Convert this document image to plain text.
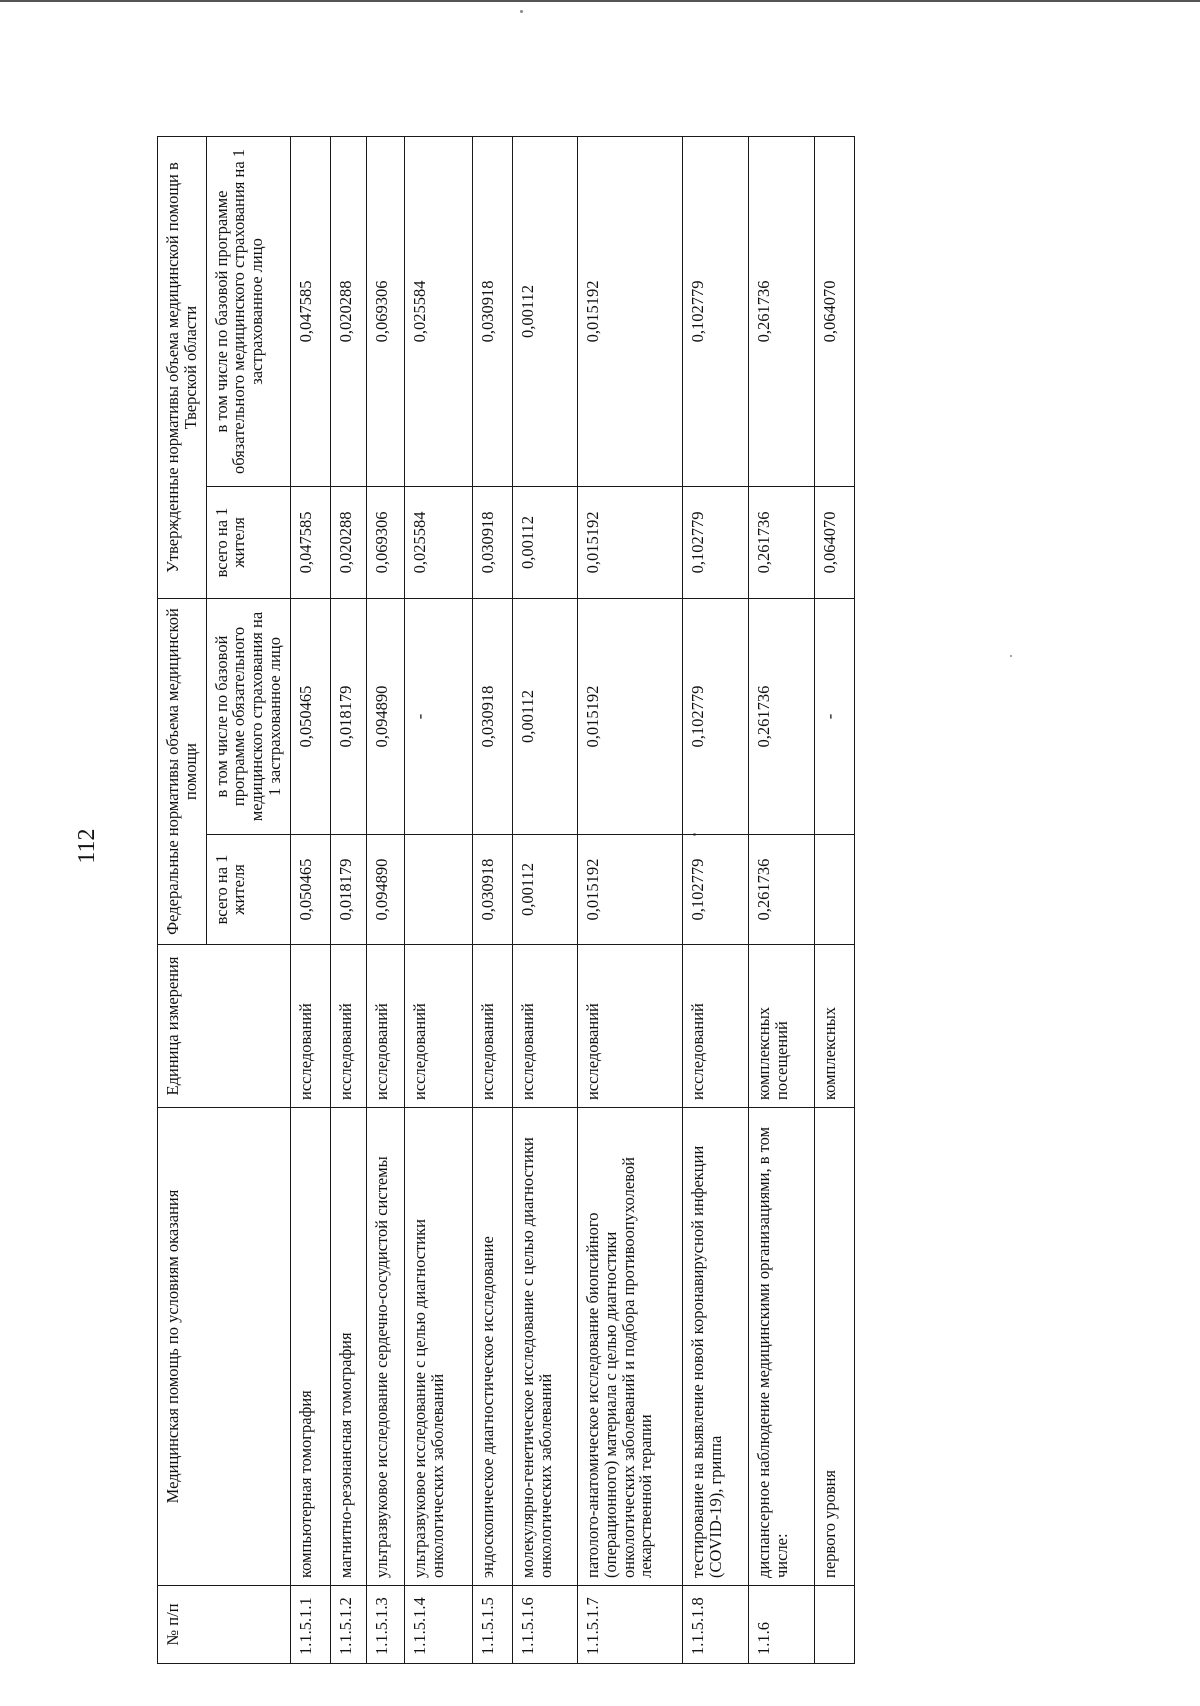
112
№ п/п	Медицинская помощь по условиям оказания	Единица измерения	Федеральные нормативы объема медицинской помощи		Утвержденные нормативы объема медицинской помощи в Тверской области	
			всего на 1 жителя	в том числе по базовой программе обязательного медицинского страхования на 1 застрахованное лицо	всего на 1 жителя	в том числе по базовой программе обязательного медицинского страхования на 1 застрахованное лицо
1.1.5.1.1	компьютерная томография	исследований	0,050465	0,050465	0,047585	0,047585
1.1.5.1.2	магнитно-резонансная томография	исследований	0,018179	0,018179	0,020288	0,020288
1.1.5.1.3	ультразвуковое исследование сердечно-сосудистой системы	исследований	0,094890	0,094890	0,069306	0,069306
1.1.5.1.4	ультразвуковое исследование с целью диагностики онкологических заболеваний	исследований		-	0,025584	0,025584
1.1.5.1.5	эндоскопическое диагностическое исследование	исследований	0,030918	0,030918	0,030918	0,030918
1.1.5.1.6	молекулярно-генетическое исследование с целью диагностики онкологических заболеваний	исследований	0,00112	0,00112	0,00112	0,00112
1.1.5.1.7	патолого-анатомическое исследование биопсийного (операционного) материала с целью диагностики онкологических заболеваний и подбора противоопухолевой лекарственной терапии	исследований	0,015192	0,015192	0,015192	0,015192
1.1.5.1.8	тестирование на выявление новой коронавирусной инфекции (COVID-19), гриппа	исследований	0,102779	0,102779	0,102779	0,102779
1.1.6	диспансерное наблюдение медицинскими организациями, в том числе:	комплексных посещений	0,261736	0,261736	0,261736	0,261736
	первого уровня	комплексных		-	0,064070	0,064070
